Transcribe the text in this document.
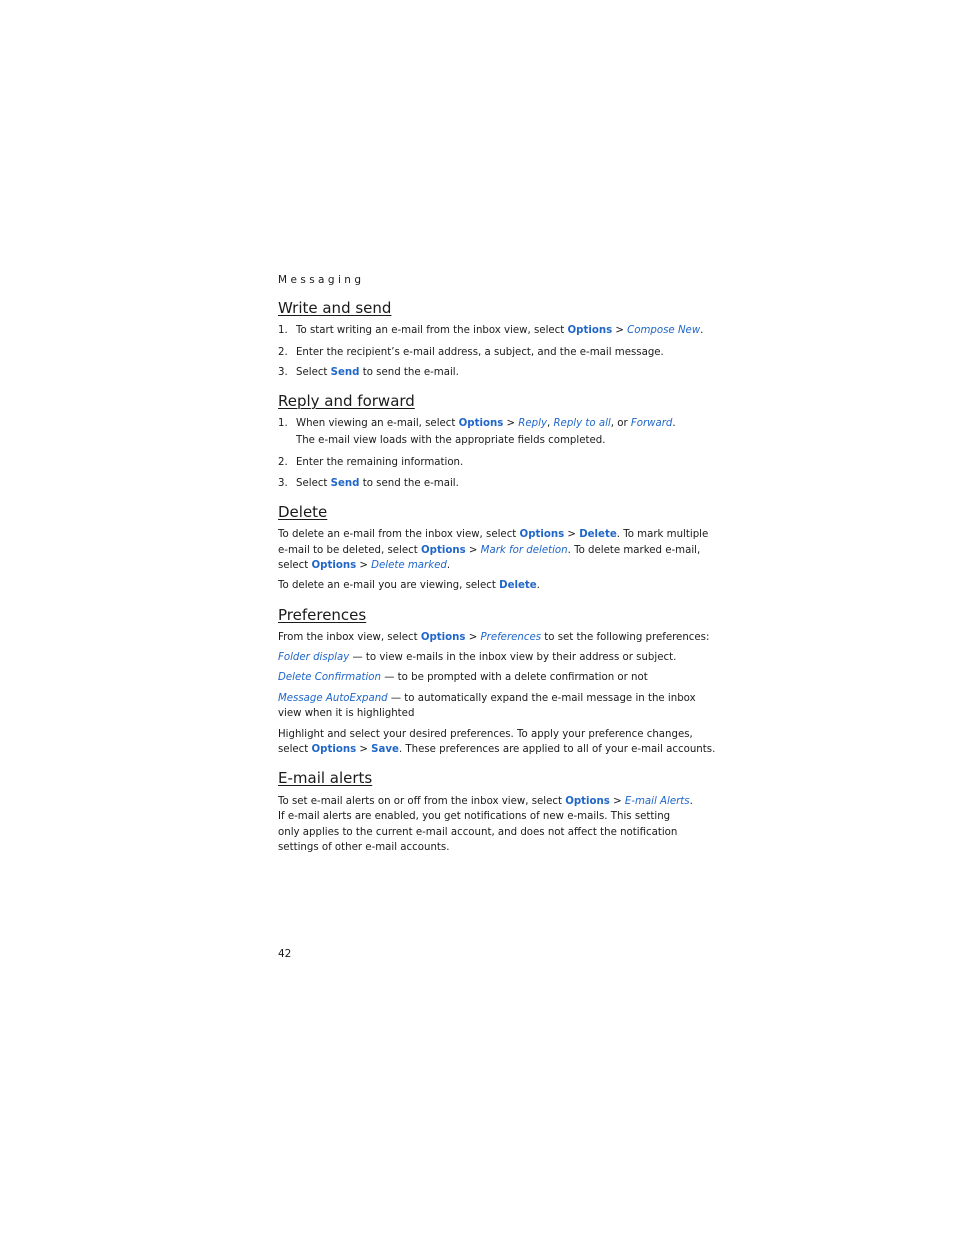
Messaging
Write and send
1. To start writing an e-mail from the inbox view, select Options > Compose New.
2. Enter the recipient’s e-mail address, a subject, and the e-mail message.
3. Select Send to send the e-mail.
Reply and forward
1. When viewing an e-mail, select Options > Reply, Reply to all, or Forward.
The e-mail view loads with the appropriate fields completed.
2. Enter the remaining information.
3. Select Send to send the e-mail.
Delete
To delete an e-mail from the inbox view, select Options > Delete. To mark multiple
e-mail to be deleted, select Options > Mark for deletion. To delete marked e-mail,
select Options > Delete marked.
To delete an e-mail you are viewing, select Delete.
Preferences
From the inbox view, select Options > Preferences to set the following preferences:
Folder display — to view e-mails in the inbox view by their address or subject.
Delete Confirmation — to be prompted with a delete confirmation or not
Message AutoExpand — to automatically expand the e-mail message in the inbox
view when it is highlighted
Highlight and select your desired preferences. To apply your preference changes,
select Options > Save. These preferences are applied to all of your e-mail accounts.
E-mail alerts
To set e-mail alerts on or off from the inbox view, select Options > E-mail Alerts.
If e-mail alerts are enabled, you get notifications of new e-mails. This setting
only applies to the current e-mail account, and does not affect the notification
settings of other e-mail accounts.
42
